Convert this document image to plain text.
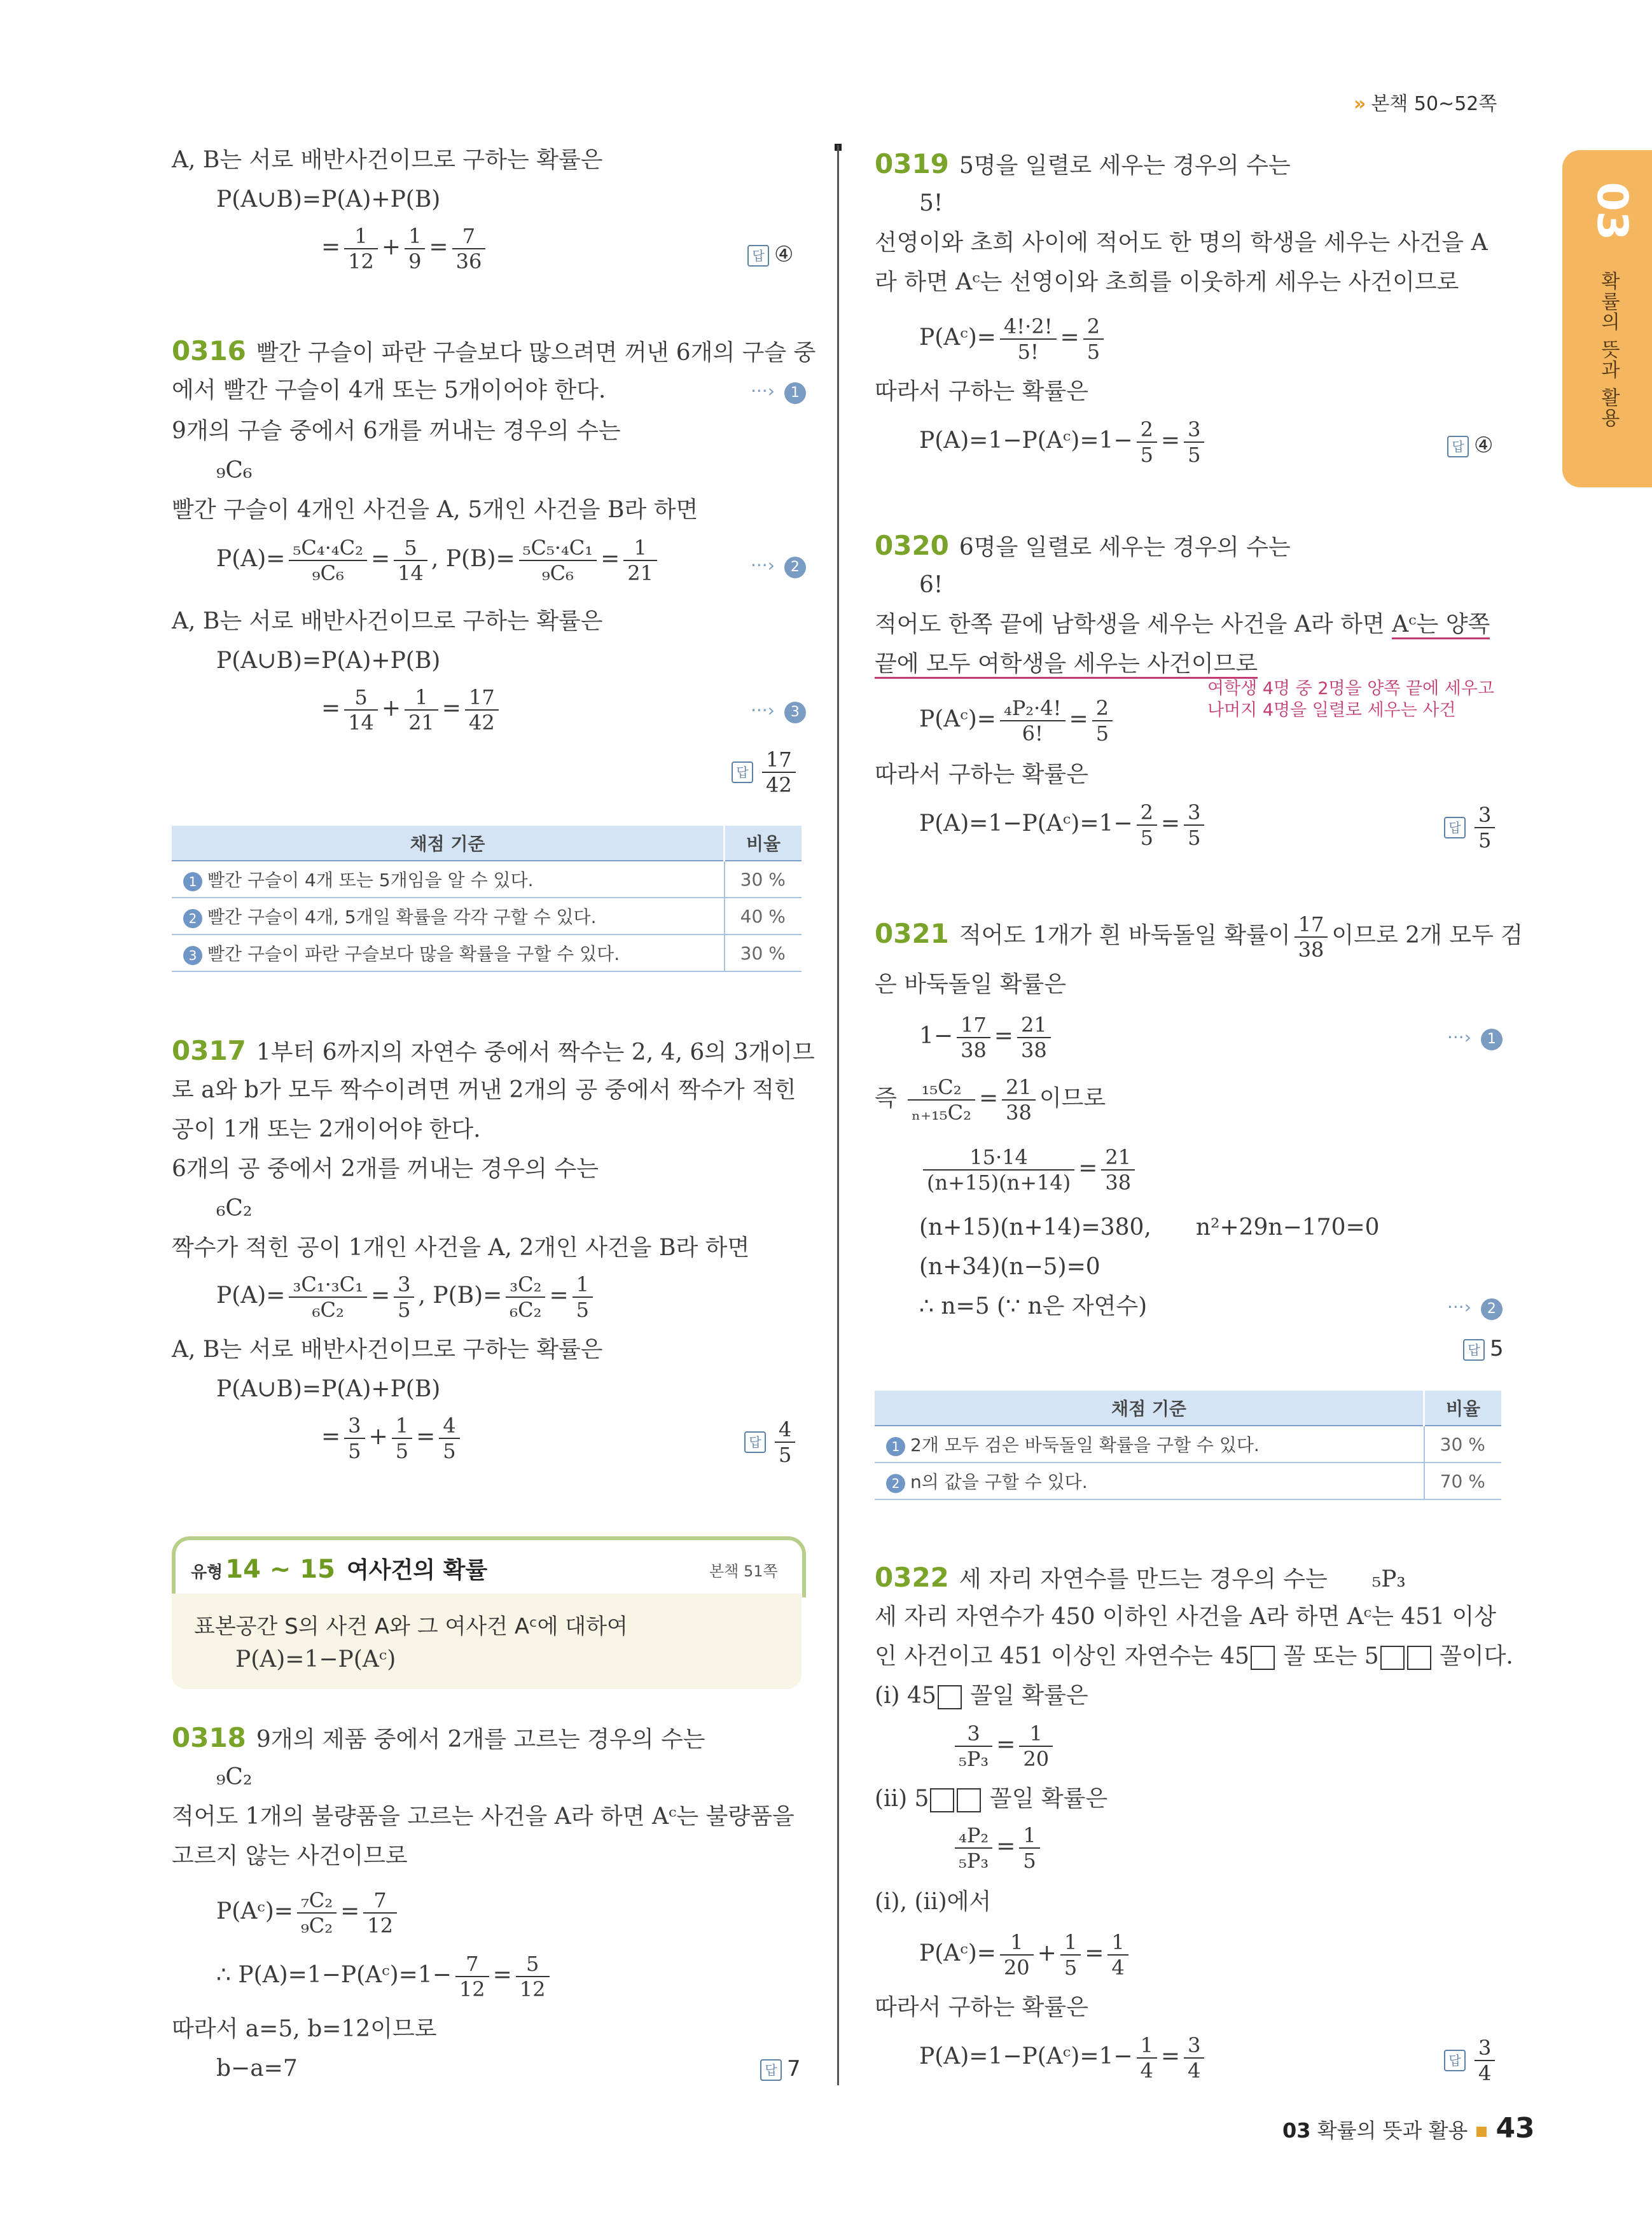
» 본책 50~52쪽
03
확률의 뜻과 활용
A, B는 서로 배반사건이므로 구하는 확률은
P(A∪B)=P(A)+P(B)
= $\frac{1}{12} + \frac{1}{9} = \frac{7}{36}$	답 ④
0316 빨간 구슬이 파란 구슬보다 많으려면 꺼낸 6개의 구슬 중
에서 빨간 구슬이 4개 또는 5개이어야 한다.	···› 1
9개의 구슬 중에서 6개를 꺼내는 경우의 수는
₉C₆
빨간 구슬이 4개인 사건을 A, 5개인 사건을 B라 하면
$P(A)= \frac{\text{₅C₄·₄C₂}}{\text{₉C₆}} = \frac{5}{14}$ , $P(B)= \frac{\text{₅C₅·₄C₁}}{\text{₉C₆}} = \frac{1}{21}$	···› 2
A, B는 서로 배반사건이므로 구하는 확률은
P(A∪B)=P(A)+P(B)
= $\frac{5}{14} + \frac{1}{21} = \frac{17}{42}$	···› 3
답 $\frac{17}{42}$
채점 기준	비율
1 빨간 구슬이 4개 또는 5개임을 알 수 있다.	30 %
2 빨간 구슬이 4개, 5개일 확률을 각각 구할 수 있다.	40 %
3 빨간 구슬이 파란 구슬보다 많을 확률을 구할 수 있다.	30 %
0317 1부터 6까지의 자연수 중에서 짝수는 2, 4, 6의 3개이므
로 a와 b가 모두 짝수이려면 꺼낸 2개의 공 중에서 짝수가 적힌
공이 1개 또는 2개이어야 한다.
6개의 공 중에서 2개를 꺼내는 경우의 수는
₆C₂
짝수가 적힌 공이 1개인 사건을 A, 2개인 사건을 B라 하면
$P(A)= \frac{\text{₃C₁·₃C₁}}{\text{₆C₂}} = \frac{3}{5}$ , $P(B)= \frac{\text{₃C₂}}{\text{₆C₂}} = \frac{1}{5}$
A, B는 서로 배반사건이므로 구하는 확률은
P(A∪B)=P(A)+P(B)
= $\frac{3}{5} + \frac{1}{5} = \frac{4}{5}$	답 $\frac{4}{5}$
유형 14 ~ 15 여사건의 확률	본책 51쪽
표본공간 S의 사건 A와 그 여사건 Aᶜ에 대하여
P(A)=1−P(Aᶜ)
0318 9개의 제품 중에서 2개를 고르는 경우의 수는
₉C₂
적어도 1개의 불량품을 고르는 사건을 A라 하면 Aᶜ는 불량품을
고르지 않는 사건이므로
P(Aᶜ)= $\frac{\text{₇C₂}}{\text{₉C₂}} = \frac{7}{12}$
∴ P(A)=1−P(Aᶜ)=1− $\frac{7}{12} = \frac{5}{12}$
따라서 a=5, b=12이므로
b−a=7	답 7
0319 5명을 일렬로 세우는 경우의 수는
5!
선영이와 초희 사이에 적어도 한 명의 학생을 세우는 사건을 A
라 하면 Aᶜ는 선영이와 초희를 이웃하게 세우는 사건이므로
P(Aᶜ)= $\frac{4!\cdot 2!}{5!} = \frac{2}{5}$
따라서 구하는 확률은
P(A)=1−P(Aᶜ)=1− $\frac{2}{5} = \frac{3}{5}$	답 ④
0320 6명을 일렬로 세우는 경우의 수는
6!
적어도 한쪽 끝에 남학생을 세우는 사건을 A라 하면 Aᶜ는 양쪽
끝에 모두 여학생을 세우는 사건이므로
여학생 4명 중 2명을 양쪽 끝에 세우고
나머지 4명을 일렬로 세우는 사건
P(Aᶜ)= $\frac{\text{₄P₂·4!}}{6!} = \frac{2}{5}$
따라서 구하는 확률은
P(A)=1−P(Aᶜ)=1− $\frac{2}{5} = \frac{3}{5}$	답 $\frac{3}{5}$
0321 적어도 1개가 흰 바둑돌일 확률이 $\frac{17}{38}$ 이므로 2개 모두 검
은 바둑돌일 확률은
$1- \frac{17}{38} = \frac{21}{38}$	···› 1
즉 $\frac{\text{₁₅C₂}}{\text{ₙ₊₁₅C₂}} = \frac{21}{38}$ 이므로
$\frac{15\cdot 14}{(n+15)(n+14)} = \frac{21}{38}$
(n+15)(n+14)=380, n²+29n−170=0
(n+34)(n−5)=0
∴ n=5 (∵ n은 자연수)	···› 2
답 5
채점 기준	비율
1 2개 모두 검은 바둑돌일 확률을 구할 수 있다.	30 %
2 n의 값을 구할 수 있다.	70 %
0322 세 자리 자연수를 만드는 경우의 수는 ₅P₃
세 자리 자연수가 450 이하인 사건을 A라 하면 Aᶜ는 451 이상
인 사건이고 451 이상인 자연수는 45 꼴 또는 5 꼴이다.
(ⅰ) 45 꼴일 확률은
$\frac{3}{\text{₅P₃}} = \frac{1}{20}$
(ⅱ) 5 꼴일 확률은
$\frac{\text{₄P₂}}{\text{₅P₃}} = \frac{1}{5}$
(ⅰ), (ⅱ)에서
P(Aᶜ)= $\frac{1}{20} + \frac{1}{5} = \frac{1}{4}$
따라서 구하는 확률은
P(A)=1−P(Aᶜ)=1− $\frac{1}{4} = \frac{3}{4}$	답 $\frac{3}{4}$
03 확률의 뜻과 활용 43
